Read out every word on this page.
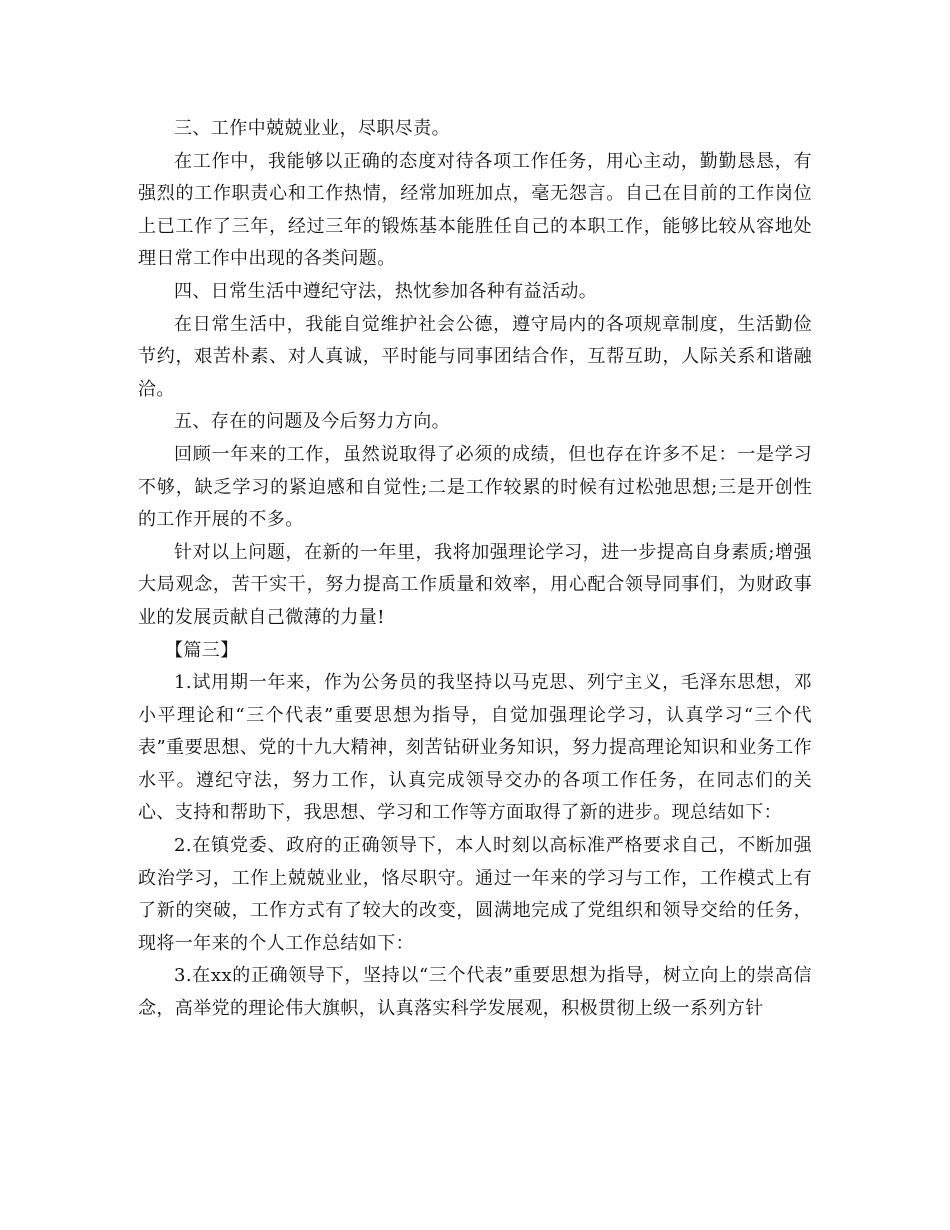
三、工作中兢兢业业，尽职尽责。

在工作中，我能够以正确的态度对待各项工作任务，用心主动，勤勤恳恳，有强烈的工作职责心和工作热情，经常加班加点，毫无怨言。自己在目前的工作岗位上已工作了三年，经过三年的锻炼基本能胜任自己的本职工作，能够比较从容地处理日常工作中出现的各类问题。

四、日常生活中遵纪守法，热忱参加各种有益活动。

在日常生活中，我能自觉维护社会公德，遵守局内的各项规章制度，生活勤俭节约，艰苦朴素、对人真诚，平时能与同事团结合作，互帮互助，人际关系和谐融洽。

五、存在的问题及今后努力方向。

回顾一年来的工作，虽然说取得了必须的成绩，但也存在许多不足：一是学习不够，缺乏学习的紧迫感和自觉性;二是工作较累的时候有过松弛思想;三是开创性的工作开展的不多。

针对以上问题，在新的一年里，我将加强理论学习，进一步提高自身素质;增强大局观念，苦干实干，努力提高工作质量和效率，用心配合领导同事们，为财政事业的发展贡献自己微薄的力量!

【篇三】

1.试用期一年来，作为公务员的我坚持以马克思、列宁主义，毛泽东思想，邓小平理论和“三个代表”重要思想为指导，自觉加强理论学习，认真学习“三个代表”重要思想、党的十九大精神，刻苦钻研业务知识，努力提高理论知识和业务工作水平。遵纪守法，努力工作，认真完成领导交办的各项工作任务，在同志们的关心、支持和帮助下，我思想、学习和工作等方面取得了新的进步。现总结如下：

2.在镇党委、政府的正确领导下，本人时刻以高标准严格要求自己，不断加强政治学习，工作上兢兢业业，恪尽职守。通过一年来的学习与工作，工作模式上有了新的突破，工作方式有了较大的改变，圆满地完成了党组织和领导交给的任务，现将一年来的个人工作总结如下：

3.在xx的正确领导下，坚持以“三个代表”重要思想为指导，树立向上的崇高信念，高举党的理论伟大旗帜，认真落实科学发展观，积极贯彻上级一系列方针
